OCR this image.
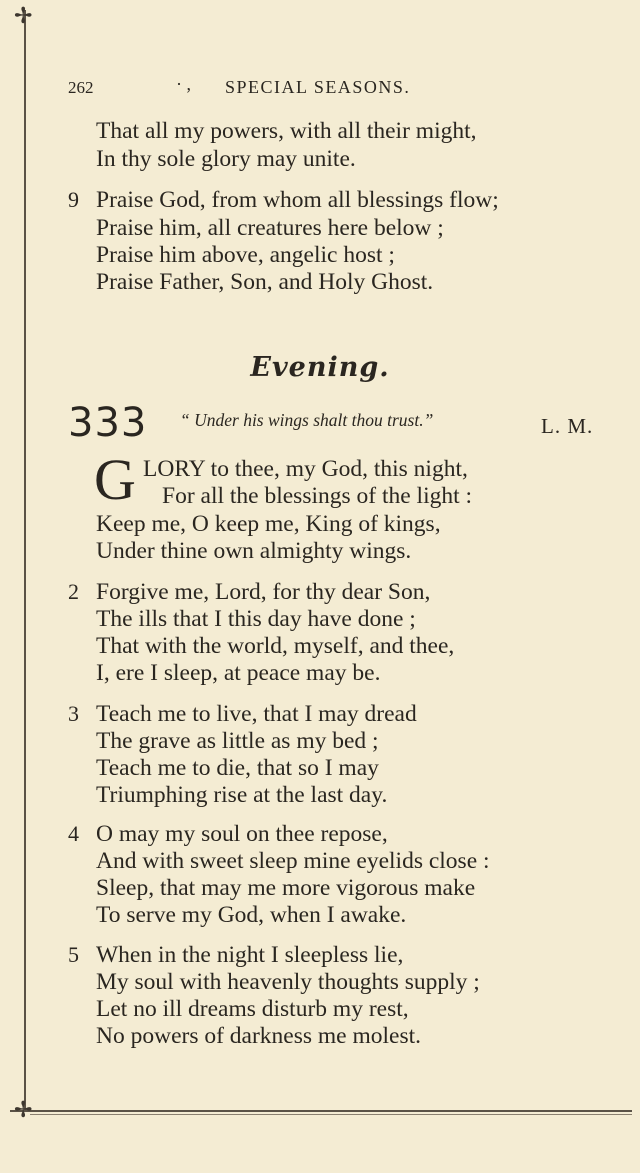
✢
✢
262	· , SPECIAL SEASONS.
That all my powers, with all their might,
In thy sole glory may unite.
9 Praise God, from whom all blessings flow;
Praise him, all creatures here below ;
Praise him above, angelic host ;
Praise Father, Son, and Holy Ghost.
Evening.
333 “ Under his wings shalt thou trust.”	L. M.
G LORY to thee, my God, this night,
For all the blessings of the light :
Keep me, O keep me, King of kings,
Under thine own almighty wings.
2 Forgive me, Lord, for thy dear Son,
The ills that I this day have done ;
That with the world, myself, and thee,
I, ere I sleep, at peace may be.
3 Teach me to live, that I may dread
The grave as little as my bed ;
Teach me to die, that so I may
Triumphing rise at the last day.
4 O may my soul on thee repose,
And with sweet sleep mine eyelids close :
Sleep, that may me more vigorous make
To serve my God, when I awake.
5 When in the night I sleepless lie,
My soul with heavenly thoughts supply ;
Let no ill dreams disturb my rest,
No powers of darkness me molest.
